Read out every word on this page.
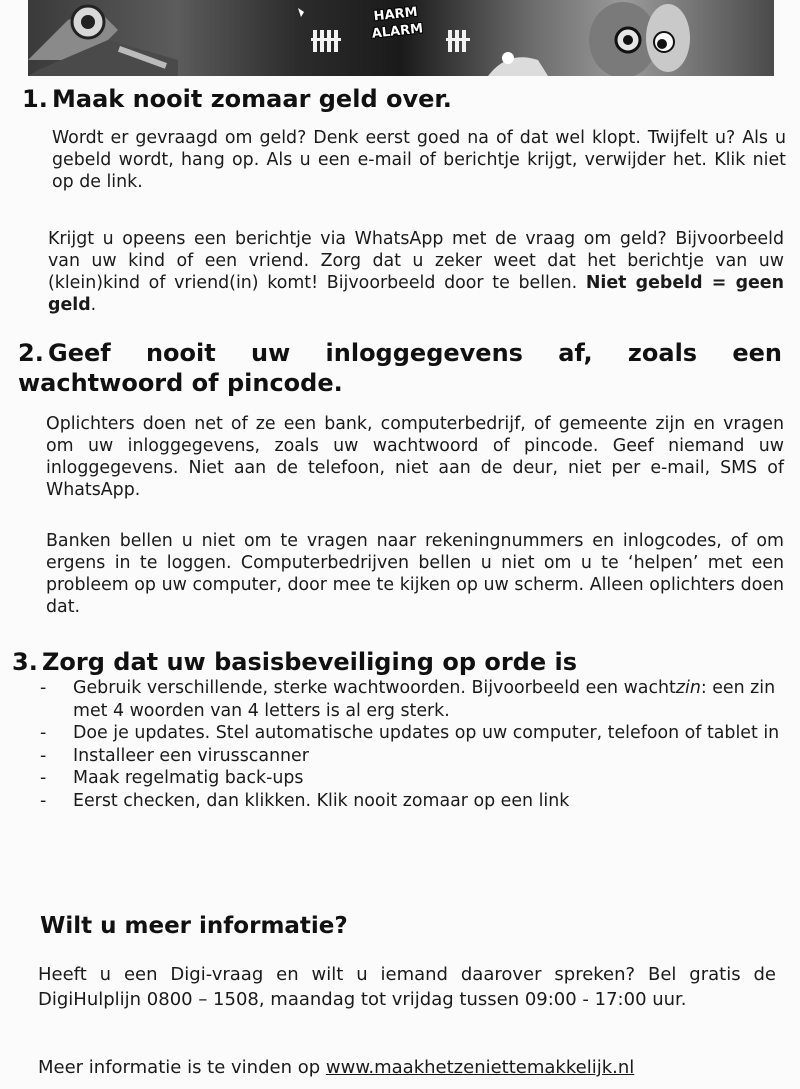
HARM
ALARM
1. Maak nooit zomaar geld over.

Wordt er gevraagd om geld? Denk eerst goed na of dat wel klopt. Twijfelt u? Als u gebeld wordt, hang op. Als u een e-mail of berichtje krijgt, verwijder het. Klik niet op de link.

Krijgt u opeens een berichtje via WhatsApp met de vraag om geld? Bijvoorbeeld van uw kind of een vriend. Zorg dat u zeker weet dat het berichtje van uw (klein)kind of vriend(in) komt! Bijvoorbeeld door te bellen. Niet gebeld = geen geld.

2. Geef nooit uw inloggegevens af, zoals een wachtwoord of pincode.

Oplichters doen net of ze een bank, computerbedrijf, of gemeente zijn en vragen om uw inloggegevens, zoals uw wachtwoord of pincode. Geef niemand uw inloggegevens. Niet aan de telefoon, niet aan de deur, niet per e-mail, SMS of WhatsApp.

Banken bellen u niet om te vragen naar rekeningnummers en inlogcodes, of om ergens in te loggen. Computerbedrijven bellen u niet om u te ‘helpen’ met een probleem op uw computer, door mee te kijken op uw scherm. Alleen oplichters doen dat.

3. Zorg dat uw basisbeveiliging op orde is
- Gebruik verschillende, sterke wachtwoorden. Bijvoorbeeld een wachtzin: een zin met 4 woorden van 4 letters is al erg sterk.
- Doe je updates. Stel automatische updates op uw computer, telefoon of tablet in
- Installeer een virusscanner
- Maak regelmatig back-ups
- Eerst checken, dan klikken. Klik nooit zomaar op een link
Wilt u meer informatie?

Heeft u een Digi-vraag en wilt u iemand daarover spreken? Bel gratis de DigiHulplijn 0800 – 1508, maandag tot vrijdag tussen 09:00 - 17:00 uur.

Meer informatie is te vinden op www.maakhetzeniettemakkelijk.nl
